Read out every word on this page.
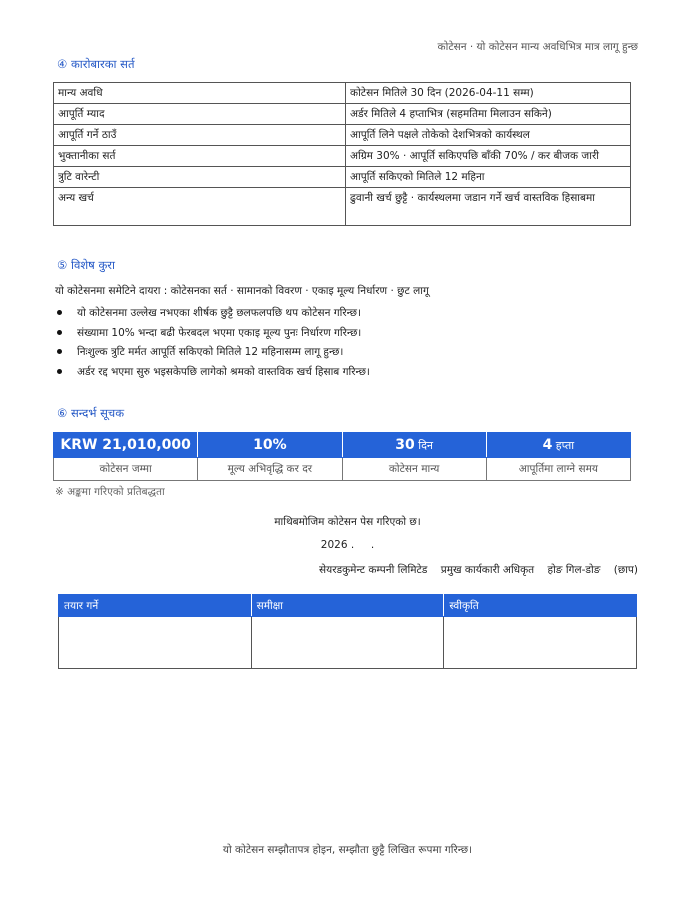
कोटेसन · यो कोटेसन मान्य अवधिभित्र मात्र लागू हुन्छ
④ कारोबारका सर्त
मान्य अवधि	कोटेसन मितिले 30 दिन (2026-04-11 सम्म)
आपूर्ति म्याद	अर्डर मितिले 4 हप्ताभित्र (सहमतिमा मिलाउन सकिने)
आपूर्ति गर्ने ठाउँ	आपूर्ति लिने पक्षले तोकेको देशभित्रको कार्यस्थल
भुक्तानीका सर्त	अग्रिम 30% · आपूर्ति सकिएपछि बाँकी 70% / कर बीजक जारी
त्रुटि वारेन्टी	आपूर्ति सकिएको मितिले 12 महिना
अन्य खर्च	ढुवानी खर्च छुट्टै · कार्यस्थलमा जडान गर्ने खर्च वास्तविक हिसाबमा
⑤ विशेष कुरा
यो कोटेसनमा समेटिने दायरा : कोटेसनका सर्त · सामानको विवरण · एकाइ मूल्य निर्धारण · छुट लागू
यो कोटेसनमा उल्लेख नभएका शीर्षक छुट्टै छलफलपछि थप कोटेसन गरिन्छ।
संख्यामा 10% भन्दा बढी फेरबदल भएमा एकाइ मूल्य पुनः निर्धारण गरिन्छ।
निःशुल्क त्रुटि मर्मत आपूर्ति सकिएको मितिले 12 महिनासम्म लागू हुन्छ।
अर्डर रद्द भएमा सुरु भइसकेपछि लागेको श्रमको वास्तविक खर्च हिसाब गरिन्छ।
⑥ सन्दर्भ सूचक
KRW 21,010,000	10%	30 दिन	4 हप्ता
कोटेसन जम्मा	मूल्य अभिवृद्धि कर दर	कोटेसन मान्य	आपूर्तिमा लाग्ने समय
※ अङ्कमा गरिएको प्रतिबद्धता
माथिबमोजिम कोटेसन पेस गरिएको छ।
2026 .     .
सेयरडकुमेन्ट कम्पनी लिमिटेड प्रमुख कार्यकारी अधिकृत होङ गिल-डोङ (छाप)
तयार गर्ने	समीक्षा	स्वीकृति

यो कोटेसन सम्झौतापत्र होइन, सम्झौता छुट्टै लिखित रूपमा गरिन्छ।
